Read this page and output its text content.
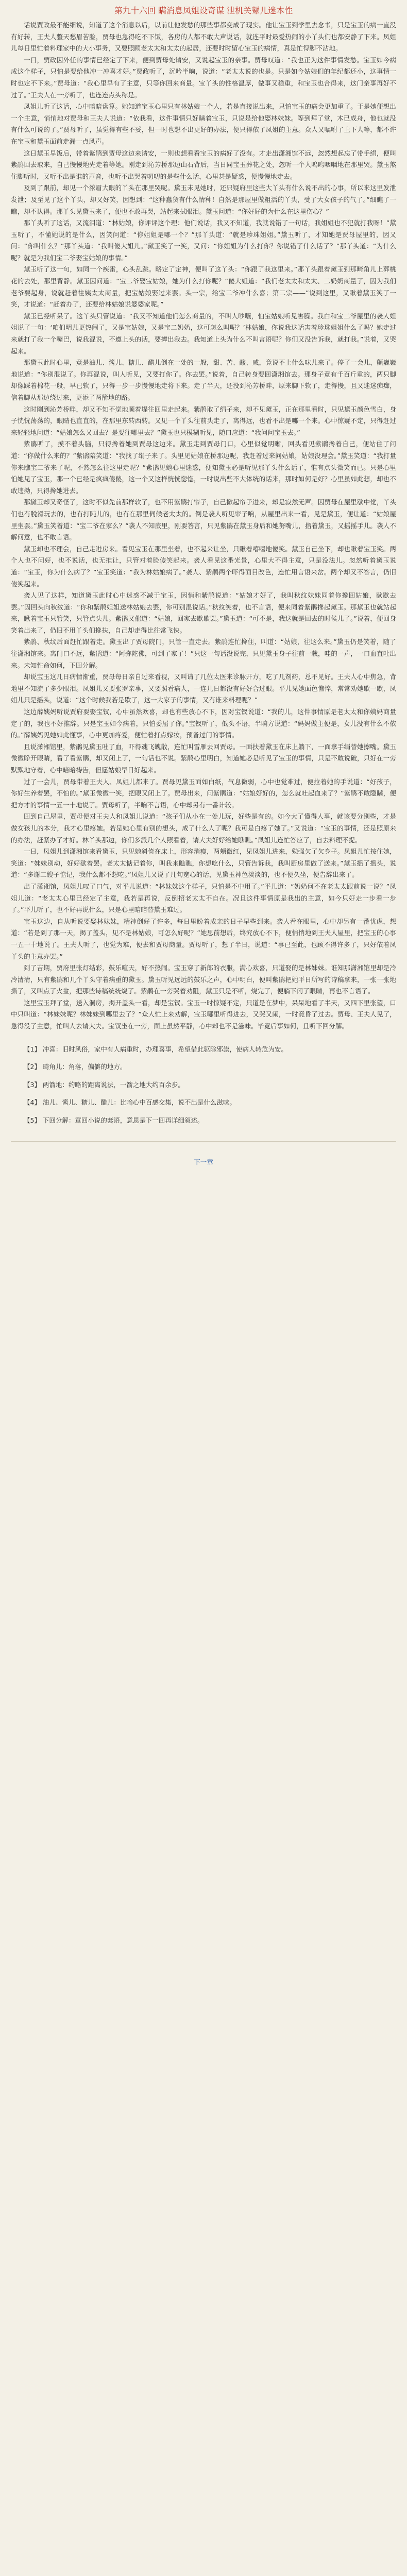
第九十六回 瞒消息凤姐设奇谋 泄机关颦儿迷本性

话说贾政最不能细说，知道了这个消息以后，以前让他发愁的那些事都变成了现实。他让宝玉到学里去念书，只是宝玉的病一直没有好转，王夫人整天愁眉苦脸，贾母也急得吃不下饭，各房的人都不敢大声说话，就连平时最爱热闹的小丫头们也都安静了下来。凤姐儿每日里忙着料理家中的大小事务，又要照顾老太太和太太的起居，还要时时留心宝玉的病情，真是忙得脚不沾地。

一日，贾政因外任的事情已经定了下来，便到贾母处请安，又说起宝玉的亲事。贾母叹道：“我也正为这件事情发愁。宝玉如今病成这个样子，只怕是要给他冲一冲喜才好。”贾政听了，沉吟半晌，说道：“老太太说的也是。只是如今姑娘们的年纪都还小，这事情一时也定不下来。”贾母道：“我心里早有了主意，只等你回来商量。宝丫头的性格温厚，做事又稳重，和宝玉也合得来，这门亲事再好不过了。”王夫人在一旁听了，也连连点头称是。

凤姐儿听了这话，心中暗暗盘算。她知道宝玉心里只有林姑娘一个人，若是直接说出来，只怕宝玉的病会更加重了。于是她便想出一个主意，悄悄地对贾母和王夫人说道：“依我看，这件事情只好瞒着宝玉，只说是给他娶林妹妹。等到拜了堂，木已成舟，他也就没有什么可说的了。”贾母听了，虽觉得有些不妥，但一时也想不出更好的办法，便只得依了凤姐的主意。众人又嘱咐了上下人等，都不许在宝玉和黛玉面前走漏一点风声。

这日黛玉早饭后，带着紫鹃到贾母这边来请安，一则也想看看宝玉的病好了没有。才走出潇湘馆不远，忽然想起忘了带手绢，便叫紫鹃回去取来，自己慢慢地先走着等她。刚走到沁芳桥那边山石背后，当日同宝玉葬花之处，忽听一个人呜呜咽咽地在那里哭。黛玉煞住脚听时，又听不出是谁的声音，也听不出哭着叨叨的是些什么话，心里甚是疑惑，便慢慢地走去。

及到了跟前，却见一个浓眉大眼的丫头在那里哭呢。黛玉未见她时，还只疑府里这些大丫头有什么说不出的心事，所以来这里发泄发泄；及至见了这个丫头，却又好笑，因想到：“这种蠢货有什么情种！自然是那屋里做粗活的丫头，受了大女孩子的气了。”细瞧了一瞧，却不认得。那丫头见黛玉来了，便也不敢再哭，站起来拭眼泪。黛玉问道：“你好好的为什么在这里伤心？”

那丫头听了这话，又流泪道：“林姑娘，你评评这个理：他们说话，我又不知道，我就说错了一句话，我姐姐也不犯就打我呀！”黛玉听了，不懂她说的是什么，因笑问道：“你姐姐是哪一个？”那丫头道：“就是珍珠姐姐。”黛玉听了，才知她是贾母屋里的，因又问：“你叫什么？”那丫头道：“我叫傻大姐儿。”黛玉笑了一笑，又问：“你姐姐为什么打你？你说错了什么话了？”那丫头道：“为什么呢？就是为我们宝二爷娶宝姑娘的事情。”

黛玉听了这一句，如同一个疾雷，心头乱跳。略定了定神，便叫了这丫头：“你跟了我这里来。”那丫头跟着黛玉到那畸角儿上葬桃花的去处，那里背静。黛玉因问道：“宝二爷娶宝姑娘，她为什么打你呢？”傻大姐道：“我们老太太和太太、二奶奶商量了，因为我们老爷要起身，说就赶着往姨太太商量，把宝姑娘娶过来罢。头一宗，给宝二爷冲什么喜；第二宗——”说到这里，又瞅着黛玉笑了一笑，才说道：“赶着办了，还要给林姑娘说婆婆家呢。”

黛玉已经听呆了。这丫头只管说道：“我又不知道他们怎么商量的，不叫人吵嚷，怕宝姑娘听见害臊。我白和宝二爷屋里的袭人姐姐说了一句：‘咱们明儿更热闹了，又是宝姑娘，又是宝二奶奶，这可怎么叫呢？’林姑娘，你说我这话害着珍珠姐姐什么了吗？她走过来就打了我一个嘴巴，说我混说，不遵上头的话，要撵出我去。我知道上头为什么不叫言语呢？你们又没告诉我，就打我。”说着，又哭起来。

那黛玉此时心里，竟是油儿、酱儿、糖儿、醋儿倒在一处的一般，甜、苦、酸、咸，竟说不上什么味儿来了。停了一会儿，颤巍巍地说道：“你别混说了。你再混说，叫人听见，又要打你了。你去罢。”说着，自己转身要回潇湘馆去。那身子竟有千百斤重的，两只脚却像踩着棉花一般，早已软了，只得一步一步慢慢地走将下来。走了半天，还没到沁芳桥畔，原来脚下软了，走得慢，且又迷迷痴痴，信着脚从那边绕过来，更添了两箭地的路。

这时刚到沁芳桥畔，却又不知不觉地顺着堤往回里走起来。紫鹃取了绢子来，却不见黛玉，正在那里看时，只见黛玉颜色雪白，身子恍恍荡荡的，眼睛也直直的，在那里东转西转。又见一个丫头往前头走了，离得远，也看不出是哪一个来。心中惊疑不定，只得赶过来轻轻地问道：“姑娘怎么又回去？是要往哪里去？”黛玉也只模糊听见，随口应道：“我问问宝玉去。”

紫鹃听了，摸不着头脑，只得搀着她到贾母这边来。黛玉走到贾母门口，心里似觉明晰，回头看见紫鹃搀着自己，便站住了问道：“你做什么来的？”紫鹃陪笑道：“我找了绢子来了。头里见姑娘在桥那边呢，我赶着过来问姑娘，姑娘没理会。”黛玉笑道：“我打量你来瞧宝二爷来了呢，不然怎么往这里走呢？”紫鹃见她心里迷惑，便知黛玉必是听见那丫头什么话了，惟有点头微笑而已。只是心里怕她见了宝玉，那一个已经是疯疯傻傻，这一个又这样恍恍惚惚，一时说出些不大体统的话来，那时如何是好？心里虽如此想，却也不敢违拗，只得搀她进去。

那黛玉却又奇怪了，这时不似先前那样软了，也不用紫鹃打帘子，自己掀起帘子进来，却是寂然无声。因贾母在屋里歇中觉，丫头们也有脱滑玩去的，也有打盹儿的，也有在那里伺候老太太的。倒是袭人听见帘子响，从屋里出来一看，见是黛玉，便让道：“姑娘屋里坐罢。”黛玉笑着道：“宝二爷在家么？”袭人不知底里，刚要答言，只见紫鹃在黛玉身后和她努嘴儿，指着黛玉，又摇摇手儿。袭人不解何意，也不敢言语。

黛玉却也不理会，自己走进房来。看见宝玉在那里坐着，也不起来让坐，只瞅着嘻嘻地傻笑。黛玉自己坐下，却也瞅着宝玉笑。两个人也不问好，也不说话，也无推让，只管对着脸傻笑起来。袭人看见这番光景，心里大不得主意，只是没法儿。忽然听着黛玉说道：“宝玉，你为什么病了？”宝玉笑道：“我为林姑娘病了。”袭人、紫鹃两个吓得面目改色，连忙用言语来岔。两个却又不答言，仍旧傻笑起来。

袭人见了这样，知道黛玉此时心中迷惑不减于宝玉，因悄和紫鹃说道：“姑娘才好了，我叫秋纹妹妹同着你搀回姑娘，歇歇去罢。”因回头向秋纹道：“你和紫鹃姐姐送林姑娘去罢，你可别混说话。”秋纹笑着，也不言语，便来同着紫鹃搀起黛玉。那黛玉也就站起来，瞅着宝玉只管笑，只管点头儿。紫鹃又催道：“姑娘，回家去歇歇罢。”黛玉道：“可不是，我这就是回去的时候儿了。”说着，便回身笑着出来了，仍旧不用丫头们搀扶，自己却走得比往常飞快。

紫鹃、秋纹后面赶忙跟着走。黛玉出了贾母院门，只管一直走去。紫鹃连忙搀住，叫道：“姑娘，往这么来。”黛玉仍是笑着，随了往潇湘馆来。离门口不远，紫鹃道：“阿弥陀佛，可到了家了！”只这一句话没说完，只见黛玉身子往前一栽，哇的一声，一口血直吐出来。未知性命如何，下回分解。

却说宝玉这几日病情渐重，贾母每日亲自过来看视，又叫请了几位太医来诊脉开方，吃了几剂药，总不见好。王夫人心中焦急，背地里不知流了多少眼泪。凤姐儿又要张罗亲事，又要照看病人，一连几日都没有好好合过眼。平儿见她面色憔悴，常常劝她歇一歇，凤姐儿只是摇头，说道：“这个时候我若是歇了，这一大家子的事情，又有谁来料理呢？”

这边薛姨妈听说贾府要娶宝钗，心中虽然欢喜，却也有些放心不下，因对宝钗说道：“我的儿，这件事情原是老太太和你姨妈商量定了的，我也不好推辞。只是宝玉如今病着，只怕委屈了你。”宝钗听了，低头不语，半晌方说道：“妈妈做主便是，女儿没有什么不依的。”薛姨妈见她如此懂事，心中更加疼爱，便忙着打点嫁妆，预备过门的事情。

且说潇湘馆里，紫鹃见黛玉吐了血，吓得魂飞魄散，连忙叫雪雁去回贾母。一面扶着黛玉在床上躺下，一面拿手绢替她擦嘴。黛玉微微睁开眼睛，看了看紫鹃，却又闭上了，一句话也不说。紫鹃心里明白，知道她必是听见了宝玉的事情，只是不敢说破，只好在一旁默默地守着，心中暗暗祷告，但愿姑娘早日好起来。

过了一会儿，贾母带着王夫人、凤姐儿都来了。贾母见黛玉面如白纸，气息微弱，心中也觉难过，便拉着她的手说道：“好孩子，你好生养着罢，不怕的。”黛玉微微一笑，把眼又闭上了。贾母出来，问紫鹃道：“姑娘好好的，怎么就吐起血来了？”紫鹃不敢隐瞒，便把方才的事情一五一十地说了。贾母听了，半晌不言语，心中却另有一番计较。

回到自己屋里，贾母便对王夫人和凤姐儿说道：“孩子们从小在一处儿玩，好些是有的。如今大了懂得人事，就该要分别些，才是做女孩儿的本分，我才心里疼她。若是她心里有别的想头，成了什么人了呢？我可是白疼了她了。”又说道：“宝玉的事情，还是照原来的办法，赶紧办了才好。林丫头那边，你们多派几个人照看着，请大夫好好给她瞧瞧。”凤姐儿连忙答应了，自去料理不提。

一日，凤姐儿到潇湘馆来看黛玉，只见她斜倚在床上，形容消瘦，两颊微红，见凤姐儿进来，勉强欠了欠身子。凤姐儿忙按住她，笑道：“妹妹别动，好好歇着罢。老太太惦记着你，叫我来瞧瞧，你想吃什么，只管告诉我，我叫厨房里做了送来。”黛玉摇了摇头，说道：“多谢二嫂子惦记，我什么都不想吃。”凤姐儿又说了几句宽心的话，见黛玉神色淡淡的，也不便久坐，便告辞出来了。

出了潇湘馆，凤姐儿叹了口气，对平儿说道：“林妹妹这个样子，只怕是不中用了。”平儿道：“奶奶何不在老太太跟前说一说？”凤姐儿道：“老太太心里已经定了主意，我若是再说，反倒招老太太不自在。况且这件事情原是我出的主意，如今只好走一步看一步了。”平儿听了，也不好再说什么，只是心里暗暗替黛玉难过。

宝玉这边，自从听说要娶林妹妹，精神倒好了许多，每日里盼着成亲的日子早些到来。袭人看在眼里，心中却另有一番忧虑，想道：“若是到了那一天，揭了盖头，见不是林姑娘，可怎么好呢？”她思前想后，终究放心不下，便悄悄地到王夫人屋里，把宝玉的心事一五一十地说了。王夫人听了，也觉为难，便去和贾母商量。贾母听了，想了半日，说道：“事已至此，也顾不得许多了，只好依着凤丫头的主意办罢。”

到了吉期，贾府里张灯结彩，鼓乐喧天，好不热闹。宝玉穿了新郎的衣服，满心欢喜，只道娶的是林妹妹。谁知那潇湘馆里却是冷冷清清，只有紫鹃和几个丫头守着病重的黛玉。黛玉听见远远的鼓乐之声，心中明白，便叫紫鹃把她平日所写的诗稿拿来，一张一张地撕了，又叫点了火盆，把那些诗稿统统烧了。紫鹃在一旁哭着劝阻，黛玉只是不听，烧完了，便躺下闭了眼睛，再也不言语了。

这里宝玉拜了堂，送入洞房，揭开盖头一看，却是宝钗。宝玉一时惊疑不定，只道是在梦中，呆呆地看了半天，又四下里张望，口中只叫道：“林妹妹呢？林妹妹到哪里去了？”众人忙上来劝解，宝玉哪里听得进去，又哭又闹，一时竟昏了过去。贾母、王夫人见了，急得没了主意，忙叫人去请大夫。宝钗坐在一旁，面上虽然平静，心中却也不是滋味。毕竟后事如何，且听下回分解。

【1】 冲喜：旧时风俗，家中有人病重时，办理喜事，希望借此驱除邪祟，使病人转危为安。

【2】 畸角儿：角落，偏僻的地方。

【3】 两箭地：约略的距离说法，一箭之地大约百余步。

【4】 油儿、酱儿、糖儿、醋儿：比喻心中百感交集，说不出是什么滋味。

【5】 下回分解：章回小说的套语，意思是下一回再详细叙述。

下一章
